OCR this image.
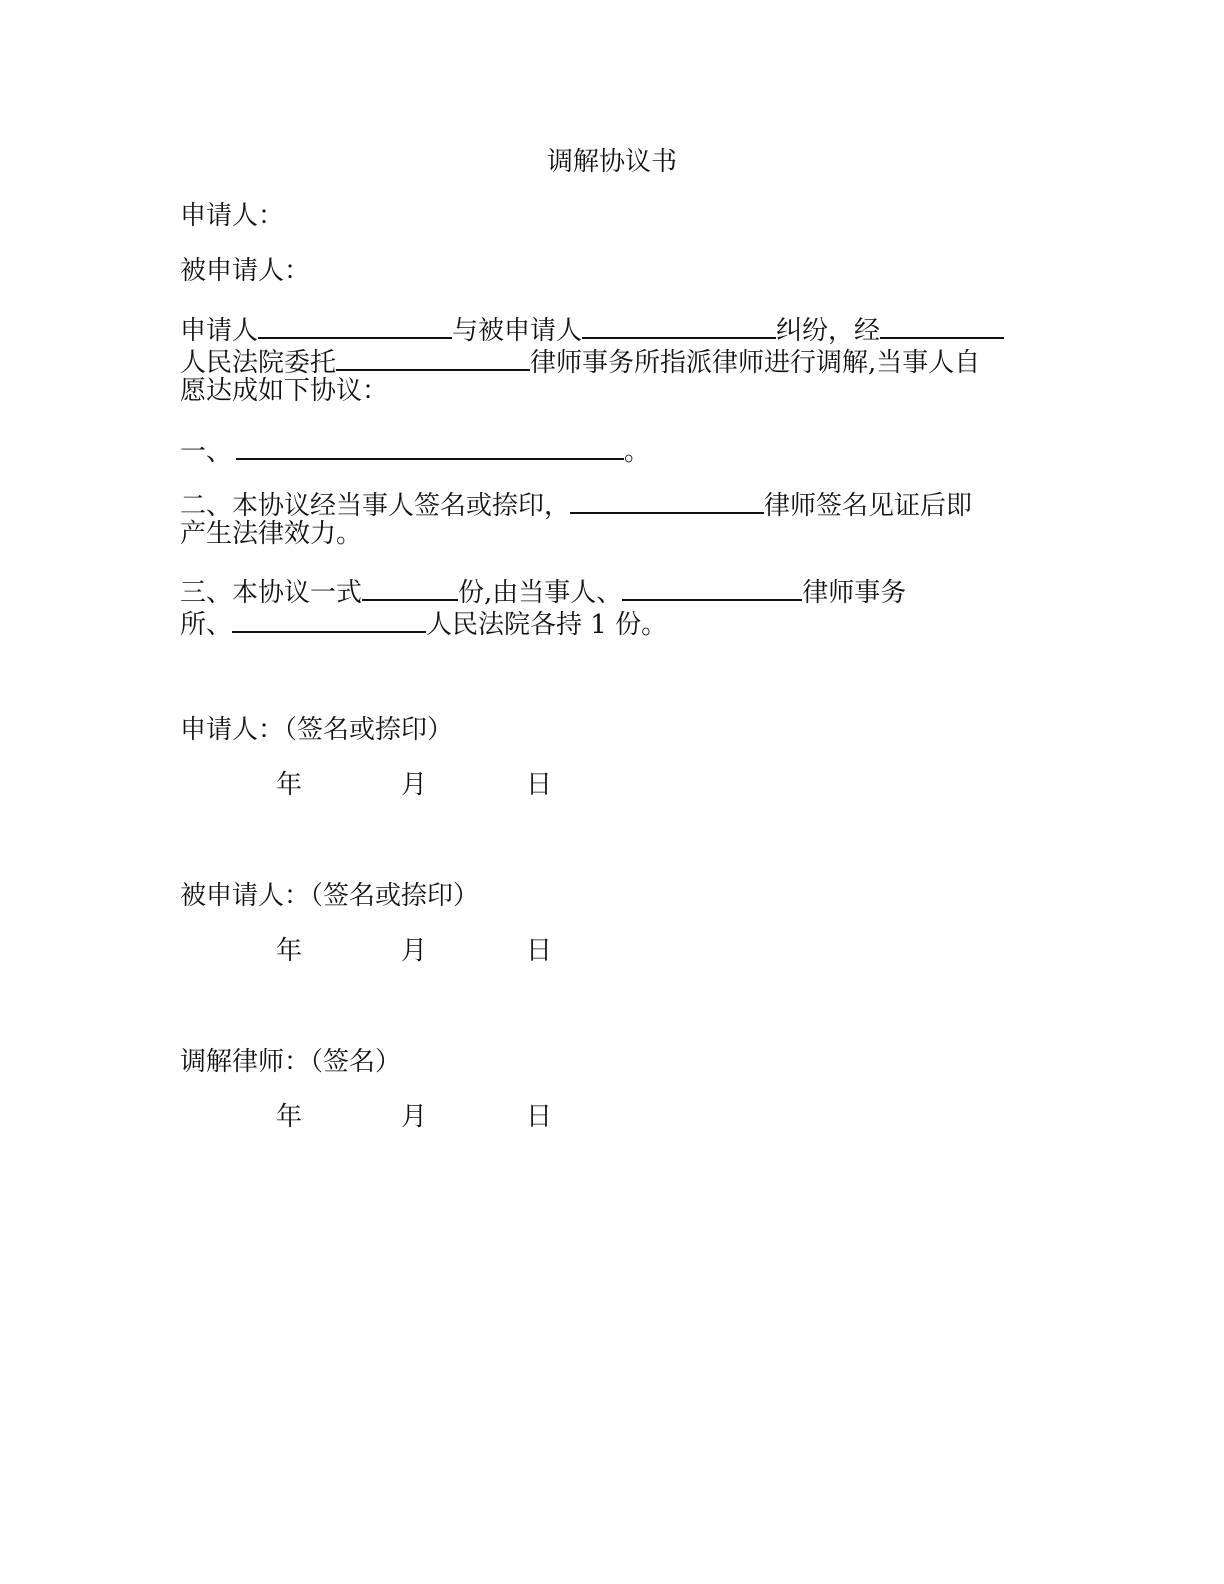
调解协议书
申请人：
被申请人：
申请人	与被申请人	纠纷，经
人民法院委托	律师事务所指派律师进行调解,当事人自
愿达成如下协议：
一、	。
二、本协议经当事人签名或捺印，	律师签名见证后即
产生法律效力。
三、本协议一式	份,由当事人、	律师事务
所、	人民法院各持 1 份。
申请人：（签名或捺印）
年	月	日
被申请人：（签名或捺印）
年	月	日
调解律师：（签名）
年	月	日
